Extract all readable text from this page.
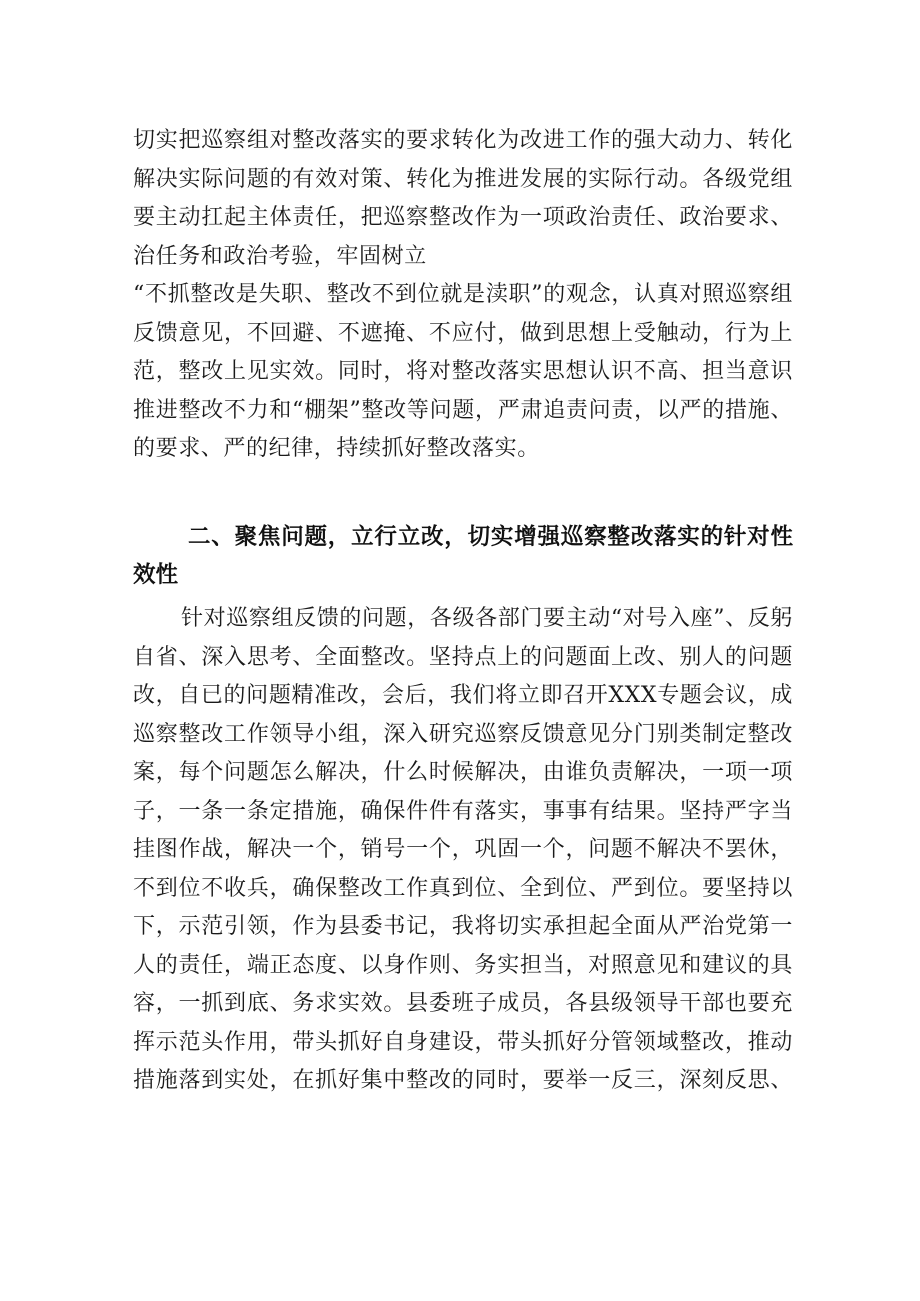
切实把巡察组对整改落实的要求转化为改进工作的强大动力、转化
解决实际问题的有效对策、转化为推进发展的实际行动。各级党组
要主动扛起主体责任，把巡察整改作为一项政治责任、政治要求、
治任务和政治考验，牢固树立
“不抓整改是失职、整改不到位就是渎职”的观念，认真对照巡察组
反馈意见，不回避、不遮掩、不应付，做到思想上受触动，行为上
范，整改上见实效。同时，将对整改落实思想认识不高、担当意识
推进整改不力和“棚架”整改等问题，严肃追责问责，以严的措施、
的要求、严的纪律，持续抓好整改落实。
二、聚焦问题，立行立改，切实增强巡察整改落实的针对性
效性
针对巡察组反馈的问题，各级各部门要主动“对号入座”、反躬
自省、深入思考、全面整改。坚持点上的问题面上改、别人的问题
改，自已的问题精准改，会后，我们将立即召开XXX专题会议，成
巡察整改工作领导小组，深入研究巡察反馈意见分门别类制定整改
案，每个问题怎么解决，什么时候解决，由谁负责解决，一项一项
子，一条一条定措施，确保件件有落实，事事有结果。坚持严字当
挂图作战，解决一个，销号一个，巩固一个，问题不解决不罢休，
不到位不收兵，确保整改工作真到位、全到位、严到位。要坚持以
下，示范引领，作为县委书记，我将切实承担起全面从严治党第一
人的责任，端正态度、以身作则、务实担当，对照意见和建议的具
容，一抓到底、务求实效。县委班子成员，各县级领导干部也要充
挥示范头作用，带头抓好自身建设，带头抓好分管领域整改，推动
措施落到实处，在抓好集中整改的同时，要举一反三，深刻反思、
